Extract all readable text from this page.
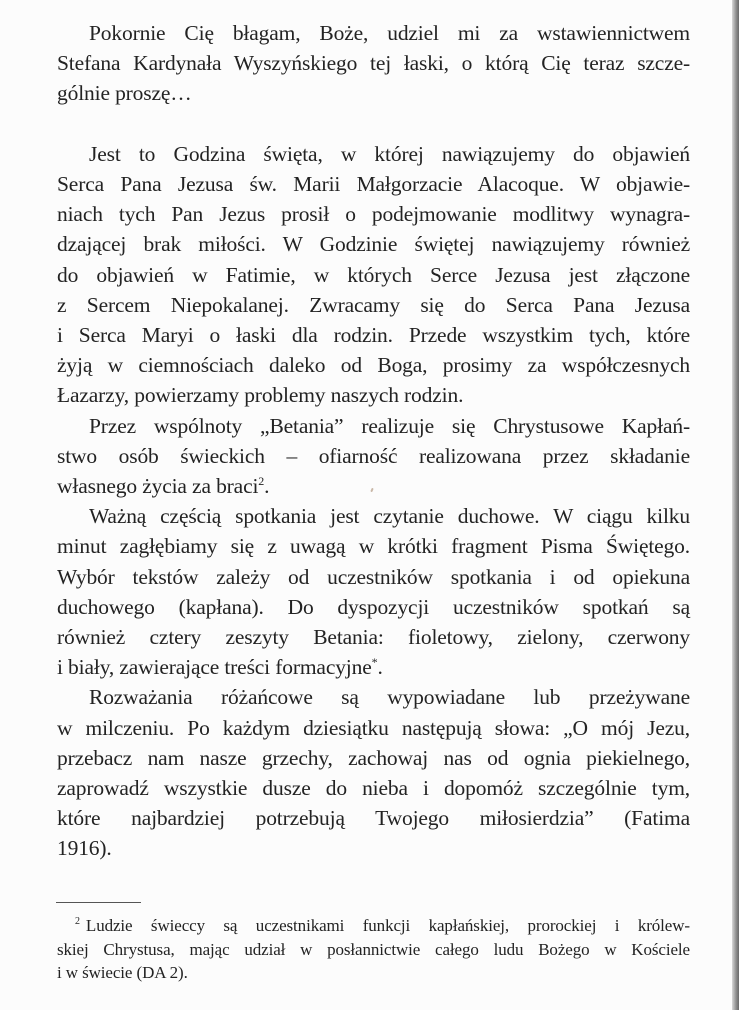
Pokornie Cię błagam, Boże, udziel mi za wstawiennictwem
Stefana Kardynała Wyszyńskiego tej łaski, o którą Cię teraz szcze-
gólnie proszę…

Jest to Godzina święta, w której nawiązujemy do objawień
Serca Pana Jezusa św. Marii Małgorzacie Alacoque. W objawie-
niach tych Pan Jezus prosił o podejmowanie modlitwy wynagra-
dzającej brak miłości. W Godzinie świętej nawiązujemy również
do objawień w Fatimie, w których Serce Jezusa jest złączone
z Sercem Niepokalanej. Zwracamy się do Serca Pana Jezusa
i Serca Maryi o łaski dla rodzin. Przede wszystkim tych, które
żyją w ciemnościach daleko od Boga, prosimy za współczesnych
Łazarzy, powierzamy problemy naszych rodzin.

Przez wspólnoty „Betania” realizuje się Chrystusowe Kapłań-
stwo osób świeckich – ofiarność realizowana przez składanie
własnego życia za braci$^2$.

Ważną częścią spotkania jest czytanie duchowe. W ciągu kilku
minut zagłębiamy się z uwagą w krótki fragment Pisma Świętego.
Wybór tekstów zależy od uczestników spotkania i od opiekuna
duchowego (kapłana). Do dyspozycji uczestników spotkań są
również cztery zeszyty Betania: fioletowy, zielony, czerwony
i biały, zawierające treści formacyjne*.

Rozważania różańcowe są wypowiadane lub przeżywane
w milczeniu. Po każdym dziesiątku następują słowa: „O mój Jezu,
przebacz nam nasze grzechy, zachowaj nas od ognia piekielnego,
zaprowadź wszystkie dusze do nieba i dopomóż szczególnie tym,
które najbardziej potrzebują Twojego miłosierdzia” (Fatima
1916).

$^2$ Ludzie świeccy są uczestnikami funkcji kapłańskiej, prorockiej i królew-
skiej Chrystusa, mając udział w posłannictwie całego ludu Bożego w Kościele
i w świecie (DA 2).
